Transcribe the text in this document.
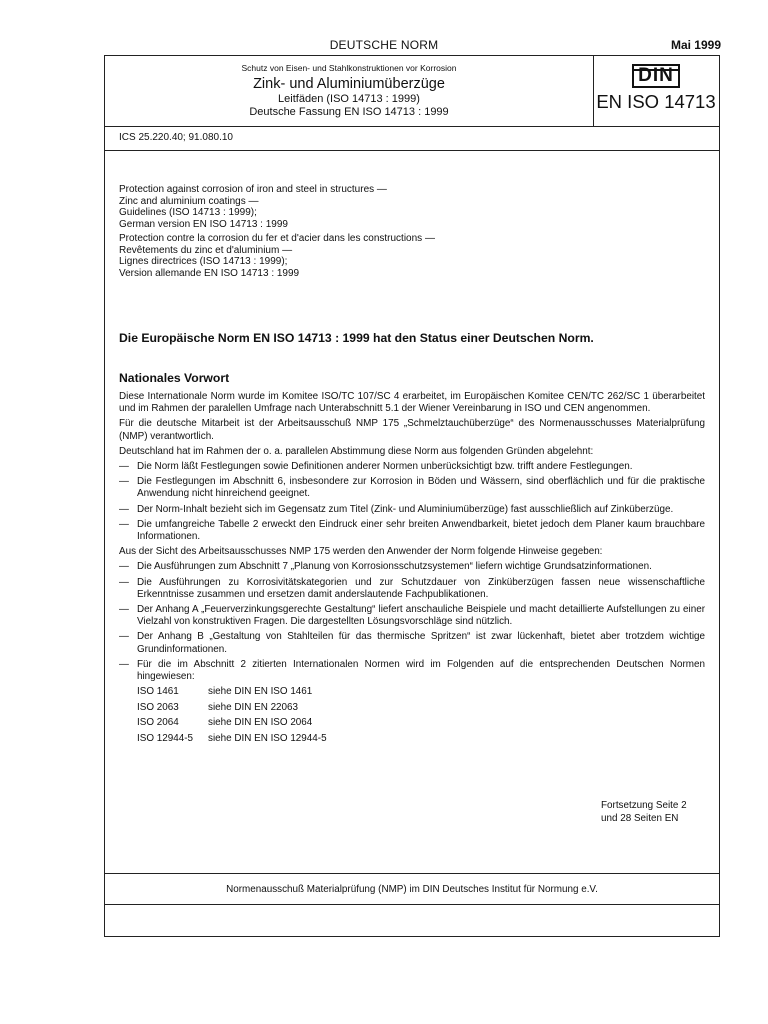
DEUTSCHE NORM	Mai 1999
Schutz von Eisen- und Stahlkonstruktionen vor Korrosion
Zink- und Aluminiumüberzüge
Leitfäden (ISO 14713 : 1999)
Deutsche Fassung EN ISO 14713 : 1999
DIN
EN ISO 14713
ICS 25.220.40; 91.080.10
Protection against corrosion of iron and steel in structures —
Zinc and aluminium coatings —
Guidelines (ISO 14713 : 1999);
German version EN ISO 14713 : 1999
Protection contre la corrosion du fer et d'acier dans les constructions —
Revêtements du zinc et d'aluminium —
Lignes directrices (ISO 14713 : 1999);
Version allemande EN ISO 14713 : 1999
Die Europäische Norm EN ISO 14713 : 1999 hat den Status einer Deutschen Norm.
Nationales Vorwort

Diese Internationale Norm wurde im Komitee ISO/TC 107/SC 4 erarbeitet, im Europäischen Komitee CEN/TC 262/SC 1 überarbeitet und im Rahmen der paralellen Umfrage nach Unterabschnitt 5.1 der Wiener Vereinbarung in ISO und CEN angenommen.

Für die deutsche Mitarbeit ist der Arbeitsausschuß NMP 175 „Schmelztauchüberzüge“ des Normenausschusses Materialprüfung (NMP) verantwortlich.

Deutschland hat im Rahmen der o. a. parallelen Abstimmung diese Norm aus folgenden Gründen abgelehnt:

— Die Norm läßt Festlegungen sowie Definitionen anderer Normen unberücksichtigt bzw. trifft andere Festlegungen.
— Die Festlegungen im Abschnitt 6, insbesondere zur Korrosion in Böden und Wässern, sind oberflächlich und für die praktische Anwendung nicht hinreichend geeignet.
— Der Norm-Inhalt bezieht sich im Gegensatz zum Titel (Zink- und Aluminiumüberzüge) fast ausschließlich auf Zinküberzüge.
— Die umfangreiche Tabelle 2 erweckt den Eindruck einer sehr breiten Anwendbarkeit, bietet jedoch dem Planer kaum brauchbare Informationen.

Aus der Sicht des Arbeitsausschusses NMP 175 werden den Anwender der Norm folgende Hinweise gegeben:

— Die Ausführungen zum Abschnitt 7 „Planung von Korrosionsschutzsystemen“ liefern wichtige Grundsatzinformationen.
— Die Ausführungen zu Korrosivitätskategorien und zur Schutzdauer von Zinküberzügen fassen neue wissenschaftliche Erkenntnisse zusammen und ersetzen damit anderslautende Fachpublikationen.
— Der Anhang A „Feuerverzinkungsgerechte Gestaltung“ liefert anschauliche Beispiele und macht detaillierte Aufstellungen zu einer Vielzahl von konstruktiven Fragen. Die dargestellten Lösungsvorschläge sind nützlich.
— Der Anhang B „Gestaltung von Stahlteilen für das thermische Spritzen“ ist zwar lückenhaft, bietet aber trotzdem wichtige Grundinformationen.
— Für die im Abschnitt 2 zitierten Internationalen Normen wird im Folgenden auf die entsprechenden Deutschen Normen hingewiesen:
ISO 1461	siehe DIN EN ISO 1461
ISO 2063	siehe DIN EN 22063
ISO 2064	siehe DIN EN ISO 2064
ISO 12944-5	siehe DIN EN ISO 12944-5
Fortsetzung Seite 2
und 28 Seiten EN
Normenausschuß Materialprüfung (NMP) im DIN Deutsches Institut für Normung e.V.
